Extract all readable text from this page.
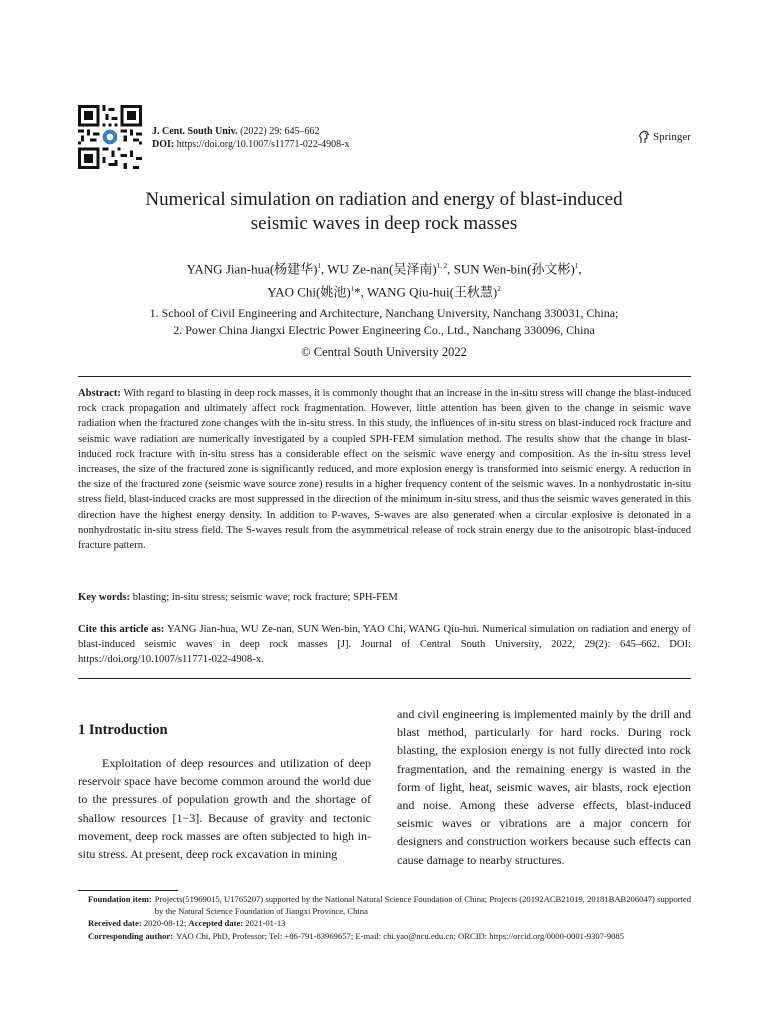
J. Cent. South Univ. (2022) 29: 645–662
DOI: https://doi.org/10.1007/s11771-022-4908-x
Springer
Numerical simulation on radiation and energy of blast-induced
seismic waves in deep rock masses
YANG Jian-hua(杨建华)$^1$, WU Ze-nan(吴泽南)$^{1, 2}$, SUN Wen-bin(孙文彬)$^1$,
YAO Chi(姚池)$^1$*, WANG Qiu-hui(王秋慧)$^2$
1. School of Civil Engineering and Architecture, Nanchang University, Nanchang 330031, China;
2. Power China Jiangxi Electric Power Engineering Co., Ltd., Nanchang 330096, China
© Central South University 2022
Abstract: With regard to blasting in deep rock masses, it is commonly thought that an increase in the in-situ stress will change the blast-induced rock crack propagation and ultimately affect rock fragmentation. However, little attention has been given to the change in seismic wave radiation when the fractured zone changes with the in-situ stress. In this study, the influences of in-situ stress on blast-induced rock fracture and seismic wave radiation are numerically investigated by a coupled SPH-FEM simulation method. The results show that the change in blast-induced rock fracture with in-situ stress has a considerable effect on the seismic wave energy and composition. As the in-situ stress level increases, the size of the fractured zone is significantly reduced, and more explosion energy is transformed into seismic energy. A reduction in the size of the fractured zone (seismic wave source zone) results in a higher frequency content of the seismic waves. In a nonhydrostatic in-situ stress field, blast-induced cracks are most suppressed in the direction of the minimum in-situ stress, and thus the seismic waves generated in this direction have the highest energy density. In addition to P-waves, S-waves are also generated when a circular explosive is detonated in a nonhydrostatic in-situ stress field. The S-waves result from the asymmetrical release of rock strain energy due to the anisotropic blast-induced fracture pattern.
Key words: blasting; in-situ stress; seismic wave; rock fracture; SPH-FEM
Cite this article as: YANG Jian-hua, WU Ze-nan, SUN Wen-bin, YAO Chi, WANG Qiu-hui. Numerical simulation on radiation and energy of blast-induced seismic waves in deep rock masses [J]. Journal of Central South University, 2022, 29(2): 645–662. DOI: https://doi.org/10.1007/s11771-022-4908-x.
1 Introduction
Exploitation of deep resources and utilization of deep reservoir space have become common around the world due to the pressures of population growth and the shortage of shallow resources [1−3]. Because of gravity and tectonic movement, deep rock masses are often subjected to high in-situ stress. At present, deep rock excavation in mining
and civil engineering is implemented mainly by the drill and blast method, particularly for hard rocks. During rock blasting, the explosion energy is not fully directed into rock fragmentation, and the remaining energy is wasted in the form of light, heat, seismic waves, air blasts, rock ejection and noise. Among these adverse effects, blast-induced seismic waves or vibrations are a major concern for designers and construction workers because such effects can cause damage to nearby structures.
Foundation item: Projects(51969015, U1765207) supported by the National Natural Science Foundation of China; Projects (20192ACB21019, 20181BAB206047) supported by the Natural Science Foundation of Jiangxi Province, China
Received date: 2020-08-12; Accepted date: 2021-01-13
Corresponding author: YAO Chi, PhD, Professor; Tel: +86-791-83969657; E-mail: chi.yao@ncu.edu.cn; ORCID: https://orcid.org/0000-0001-9307-9085
